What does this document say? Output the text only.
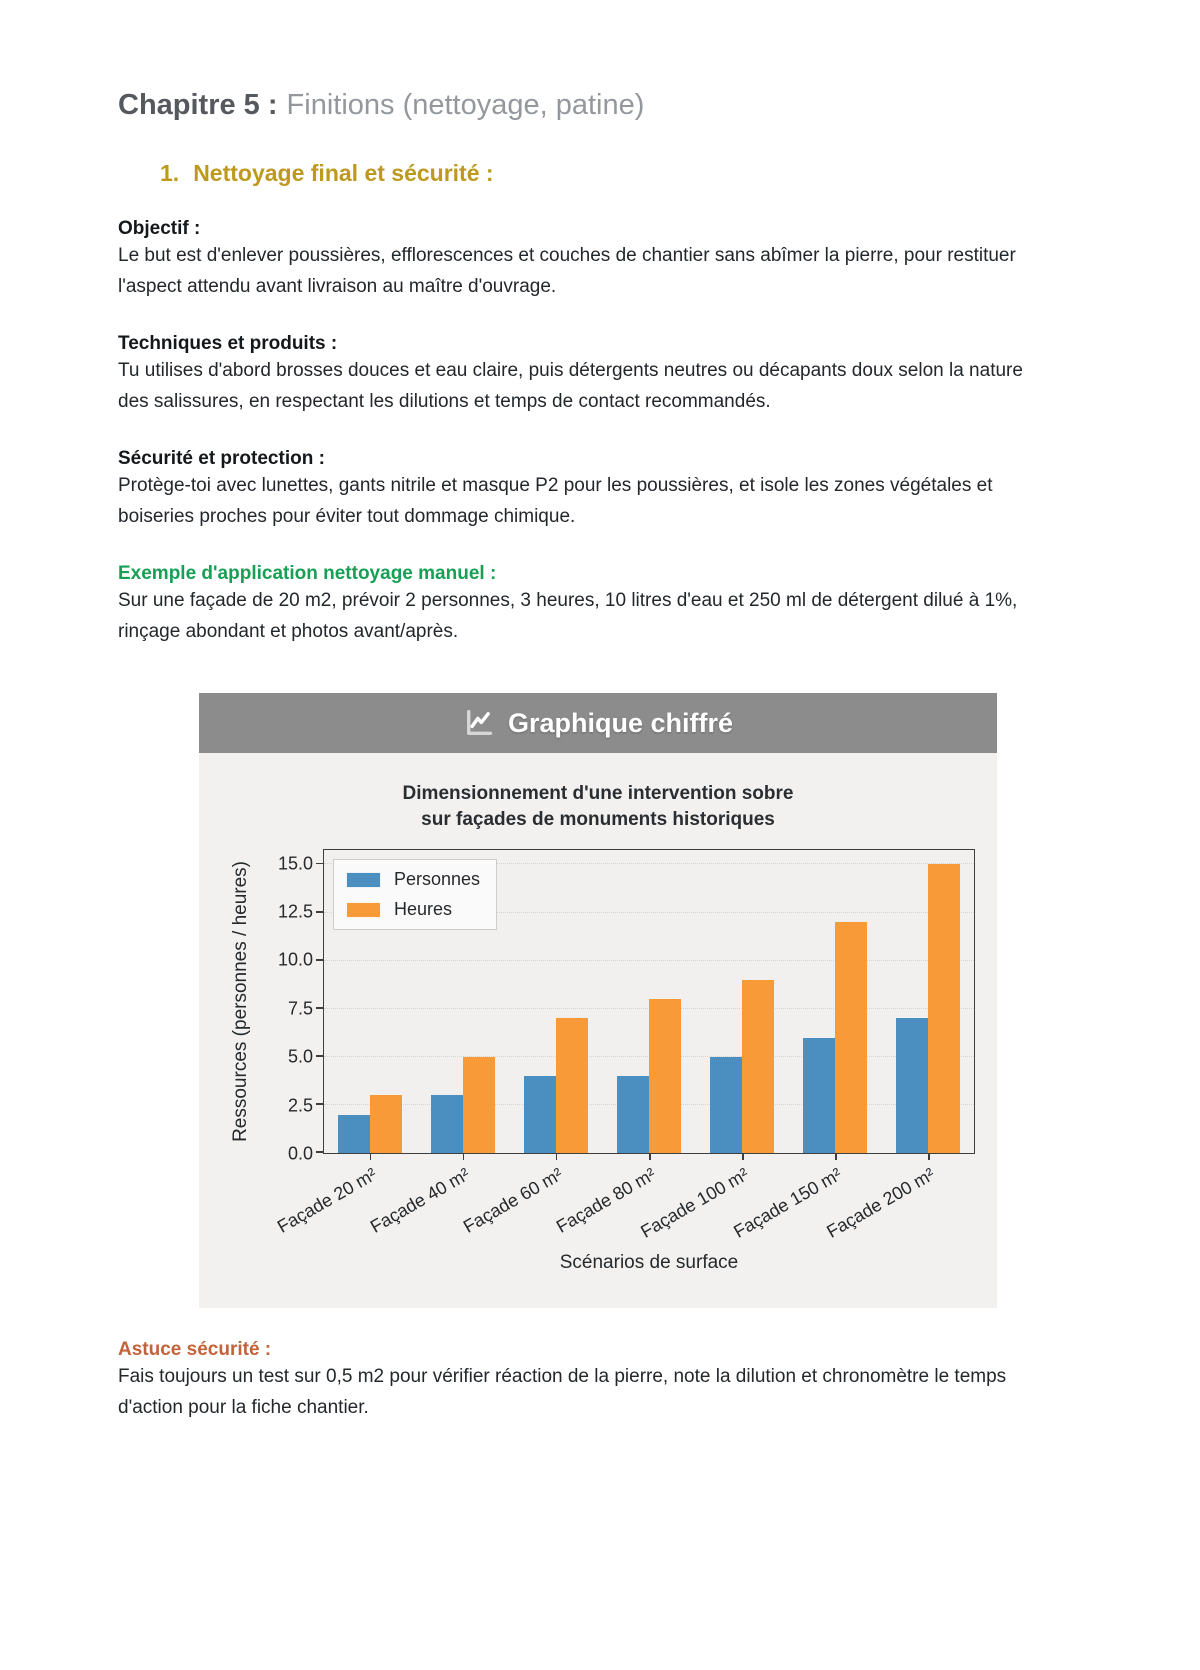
Chapitre 5 : Finitions (nettoyage, patine)
1. Nettoyage final et sécurité :

Objectif :

Le but est d'enlever poussières, efflorescences et couches de chantier sans abîmer la pierre, pour restituer l'aspect attendu avant livraison au maître d'ouvrage.

Techniques et produits :

Tu utilises d'abord brosses douces et eau claire, puis détergents neutres ou décapants doux selon la nature des salissures, en respectant les dilutions et temps de contact recommandés.

Sécurité et protection :

Protège-toi avec lunettes, gants nitrile et masque P2 pour les poussières, et isole les zones végétales et boiseries proches pour éviter tout dommage chimique.

Exemple d'application nettoyage manuel :

Sur une façade de 20 m2, prévoir 2 personnes, 3 heures, 10 litres d'eau et 250 ml de détergent dilué à 1%, rinçage abondant et photos avant/après.

Graphique chiffré
Dimensionnement d'une intervention sobre
sur façades de monuments historiques
Ressources (personnes / heures)
0.0
2.5
5.0
7.5
10.0
12.5
15.0
Personnes
Heures
Façade 20 m²
Façade 40 m²
Façade 60 m²
Façade 80 m²
Façade 100 m²
Façade 150 m²
Façade 200 m²
Scénarios de surface

Astuce sécurité :

Fais toujours un test sur 0,5 m2 pour vérifier réaction de la pierre, note la dilution et chronomètre le temps d'action pour la fiche chantier.
